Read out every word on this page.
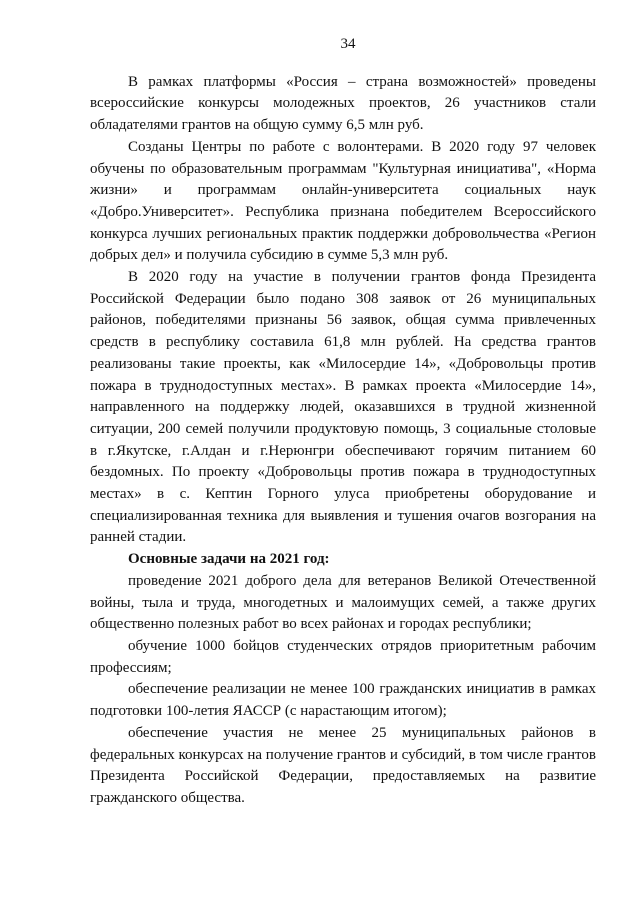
34

В рамках платформы «Россия – страна возможностей» проведены всероссийские конкурсы молодежных проектов, 26 участников стали обладателями грантов на общую сумму 6,5 млн руб.

Созданы Центры по работе с волонтерами. В 2020 году 97 человек обучены по образовательным программам "Культурная инициатива", «Норма жизни» и программам онлайн-университета социальных наук «Добро.Университет». Республика признана победителем Всероссийского конкурса лучших региональных практик поддержки добровольчества «Регион добрых дел» и получила субсидию в сумме 5,3 млн руб.

В 2020 году на участие в получении грантов фонда Президента Российской Федерации было подано 308 заявок от 26 муниципальных районов, победителями признаны 56 заявок, общая сумма привлеченных средств в республику составила 61,8 млн рублей. На средства грантов реализованы такие проекты, как «Милосердие 14», «Добровольцы против пожара в труднодоступных местах». В рамках проекта «Милосердие 14», направленного на поддержку людей, оказавшихся в трудной жизненной ситуации, 200 семей получили продуктовую помощь, 3 социальные столовые в г.Якутске, г.Алдан и г.Нерюнгри обеспечивают горячим питанием 60 бездомных. По проекту «Добровольцы против пожара в труднодоступных местах» в с. Кептин Горного улуса приобретены оборудование и специализированная техника для выявления и тушения очагов возгорания на ранней стадии.

Основные задачи на 2021 год:

проведение 2021 доброго дела для ветеранов Великой Отечественной войны, тыла и труда, многодетных и малоимущих семей, а также других общественно полезных работ во всех районах и городах республики;

обучение 1000 бойцов студенческих отрядов приоритетным рабочим профессиям;

обеспечение реализации не менее 100 гражданских инициатив в рамках подготовки 100-летия ЯАССР (с нарастающим итогом);

обеспечение участия не менее 25 муниципальных районов в федеральных конкурсах на получение грантов и субсидий, в том числе грантов Президента Российской Федерации, предоставляемых на развитие гражданского общества.
